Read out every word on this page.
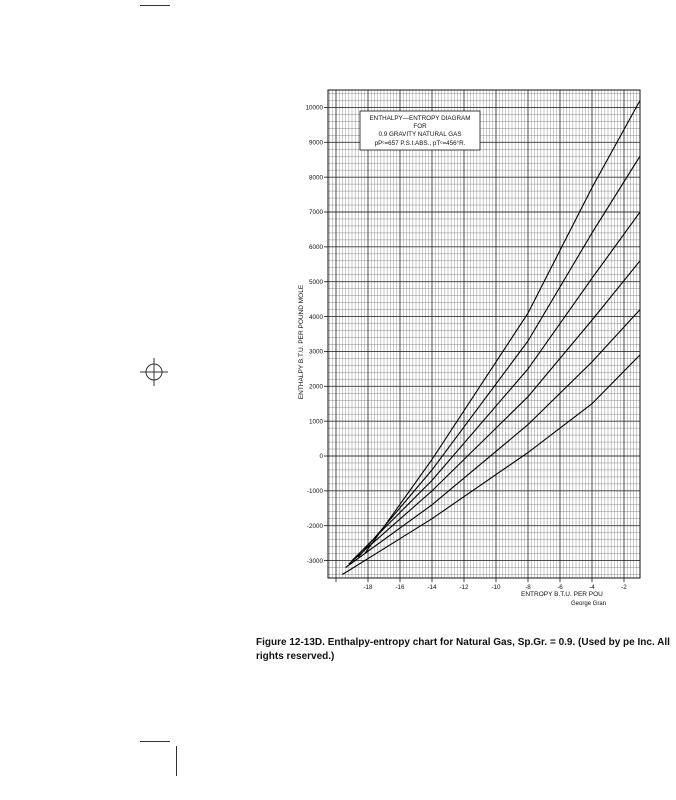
10000
9000
8000
7000
6000
5000
4000
3000
2000
1000
0
-1000
-2000
-3000
-18	-16	-14	-12	-10	-8	-6	-4	-2
ENTHALPY—ENTROPY DIAGRAM
FOR
0.9 GRAVITY NATURAL GAS
pPᶜ=657 P.S.I.ABS., pTᶜ=456°R.
ENTHALPY B.T.U. PER POUND MOLE
ENTROPY B.T.U. PER POU
George Gran
Figure 12-13D. Enthalpy-entropy chart for Natural Gas, Sp.Gr. = 0.9. (Used by pe Inc. All rights reserved.)
